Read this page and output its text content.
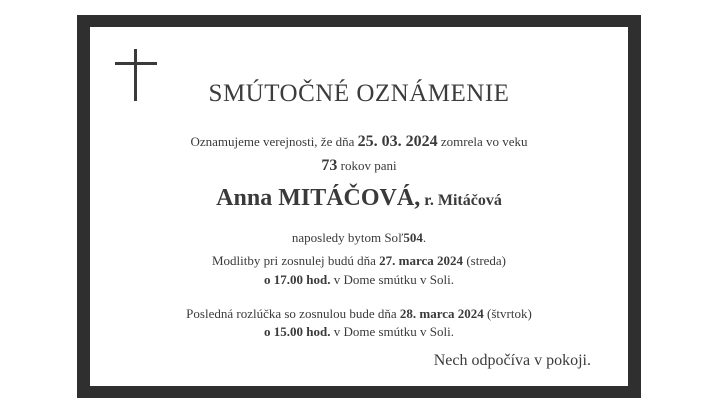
SMÚTOČNÉ OZNÁMENIE
Oznamujeme verejnosti, že dňa 25. 03. 2024 zomrela vo veku
73 rokov pani
Anna MITÁČOVÁ, r. Mitáčová
naposledy bytom Soľ504.
Modlitby pri zosnulej budú dňa 27. marca 2024 (streda)
o 17.00 hod. v Dome smútku v Soli.
Posledná rozlúčka so zosnulou bude dňa 28. marca 2024 (štvrtok)
o 15.00 hod. v Dome smútku v Soli.
Nech odpočíva v pokoji.
